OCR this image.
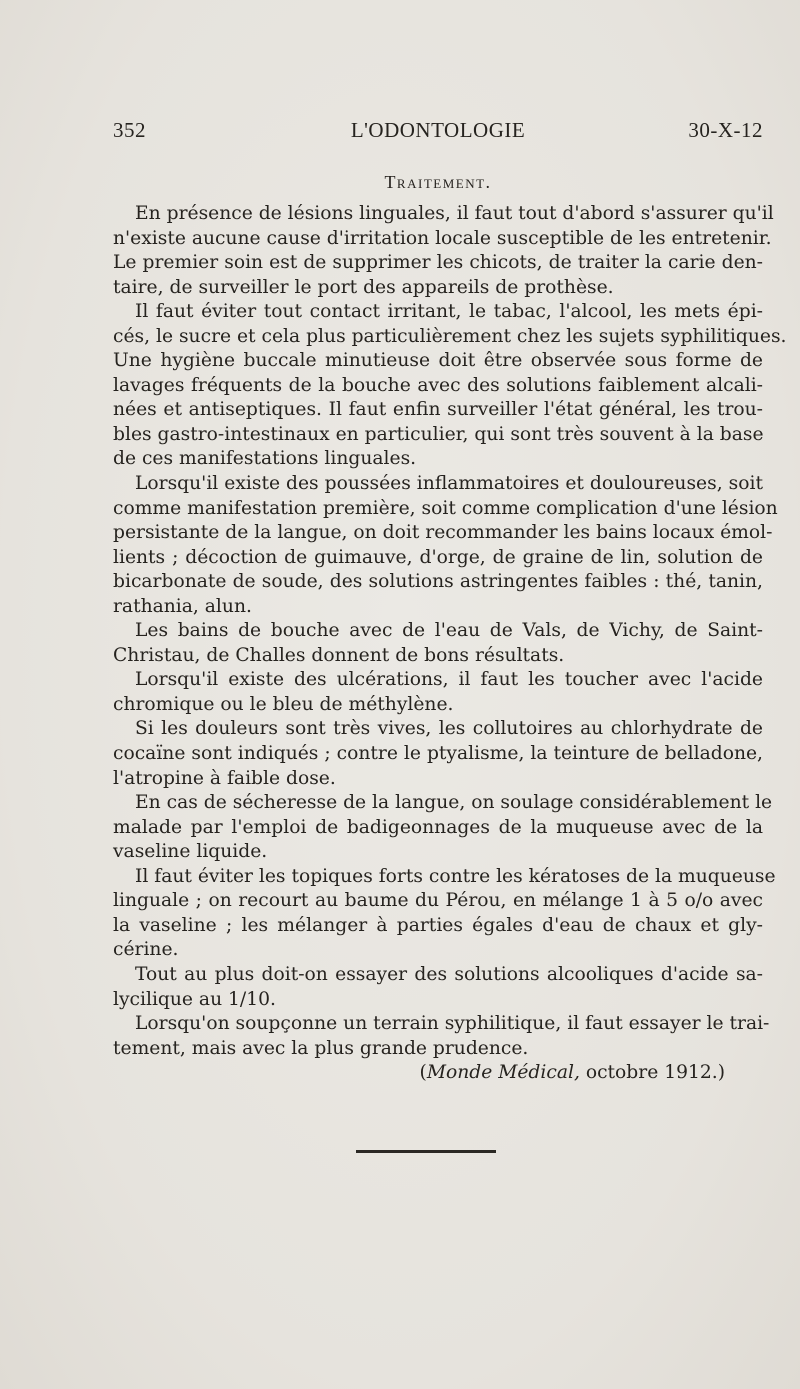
352	L'ODONTOLOGIE	30-X-12
Traitement.
En présence de lésions linguales, il faut tout d'abord s'assurer qu'il
n'existe aucune cause d'irritation locale susceptible de les entretenir.
Le premier soin est de supprimer les chicots, de traiter la carie den-
taire, de surveiller le port des appareils de prothèse.
Il faut éviter tout contact irritant, le tabac, l'alcool, les mets épi-
cés, le sucre et cela plus particulièrement chez les sujets syphilitiques.
Une hygiène buccale minutieuse doit être observée sous forme de
lavages fréquents de la bouche avec des solutions faiblement alcali-
nées et antiseptiques. Il faut enfin surveiller l'état général, les trou-
bles gastro-intestinaux en particulier, qui sont très souvent à la base
de ces manifestations linguales.
Lorsqu'il existe des poussées inflammatoires et douloureuses, soit
comme manifestation première, soit comme complication d'une lésion
persistante de la langue, on doit recommander les bains locaux émol-
lients ; décoction de guimauve, d'orge, de graine de lin, solution de
bicarbonate de soude, des solutions astringentes faibles : thé, tanin,
rathania, alun.
Les bains de bouche avec de l'eau de Vals, de Vichy, de Saint-
Christau, de Challes donnent de bons résultats.
Lorsqu'il existe des ulcérations, il faut les toucher avec l'acide
chromique ou le bleu de méthylène.
Si les douleurs sont très vives, les collutoires au chlorhydrate de
cocaïne sont indiqués ; contre le ptyalisme, la teinture de belladone,
l'atropine à faible dose.
En cas de sécheresse de la langue, on soulage considérablement le
malade par l'emploi de badigeonnages de la muqueuse avec de la
vaseline liquide.
Il faut éviter les topiques forts contre les kératoses de la muqueuse
linguale ; on recourt au baume du Pérou, en mélange 1 à 5 o/o avec
la vaseline ; les mélanger à parties égales d'eau de chaux et gly-
cérine.
Tout au plus doit-on essayer des solutions alcooliques d'acide sa-
lycilique au 1/10.
Lorsqu'on soupçonne un terrain syphilitique, il faut essayer le trai-
tement, mais avec la plus grande prudence.
(Monde Médical, octobre 1912.)
